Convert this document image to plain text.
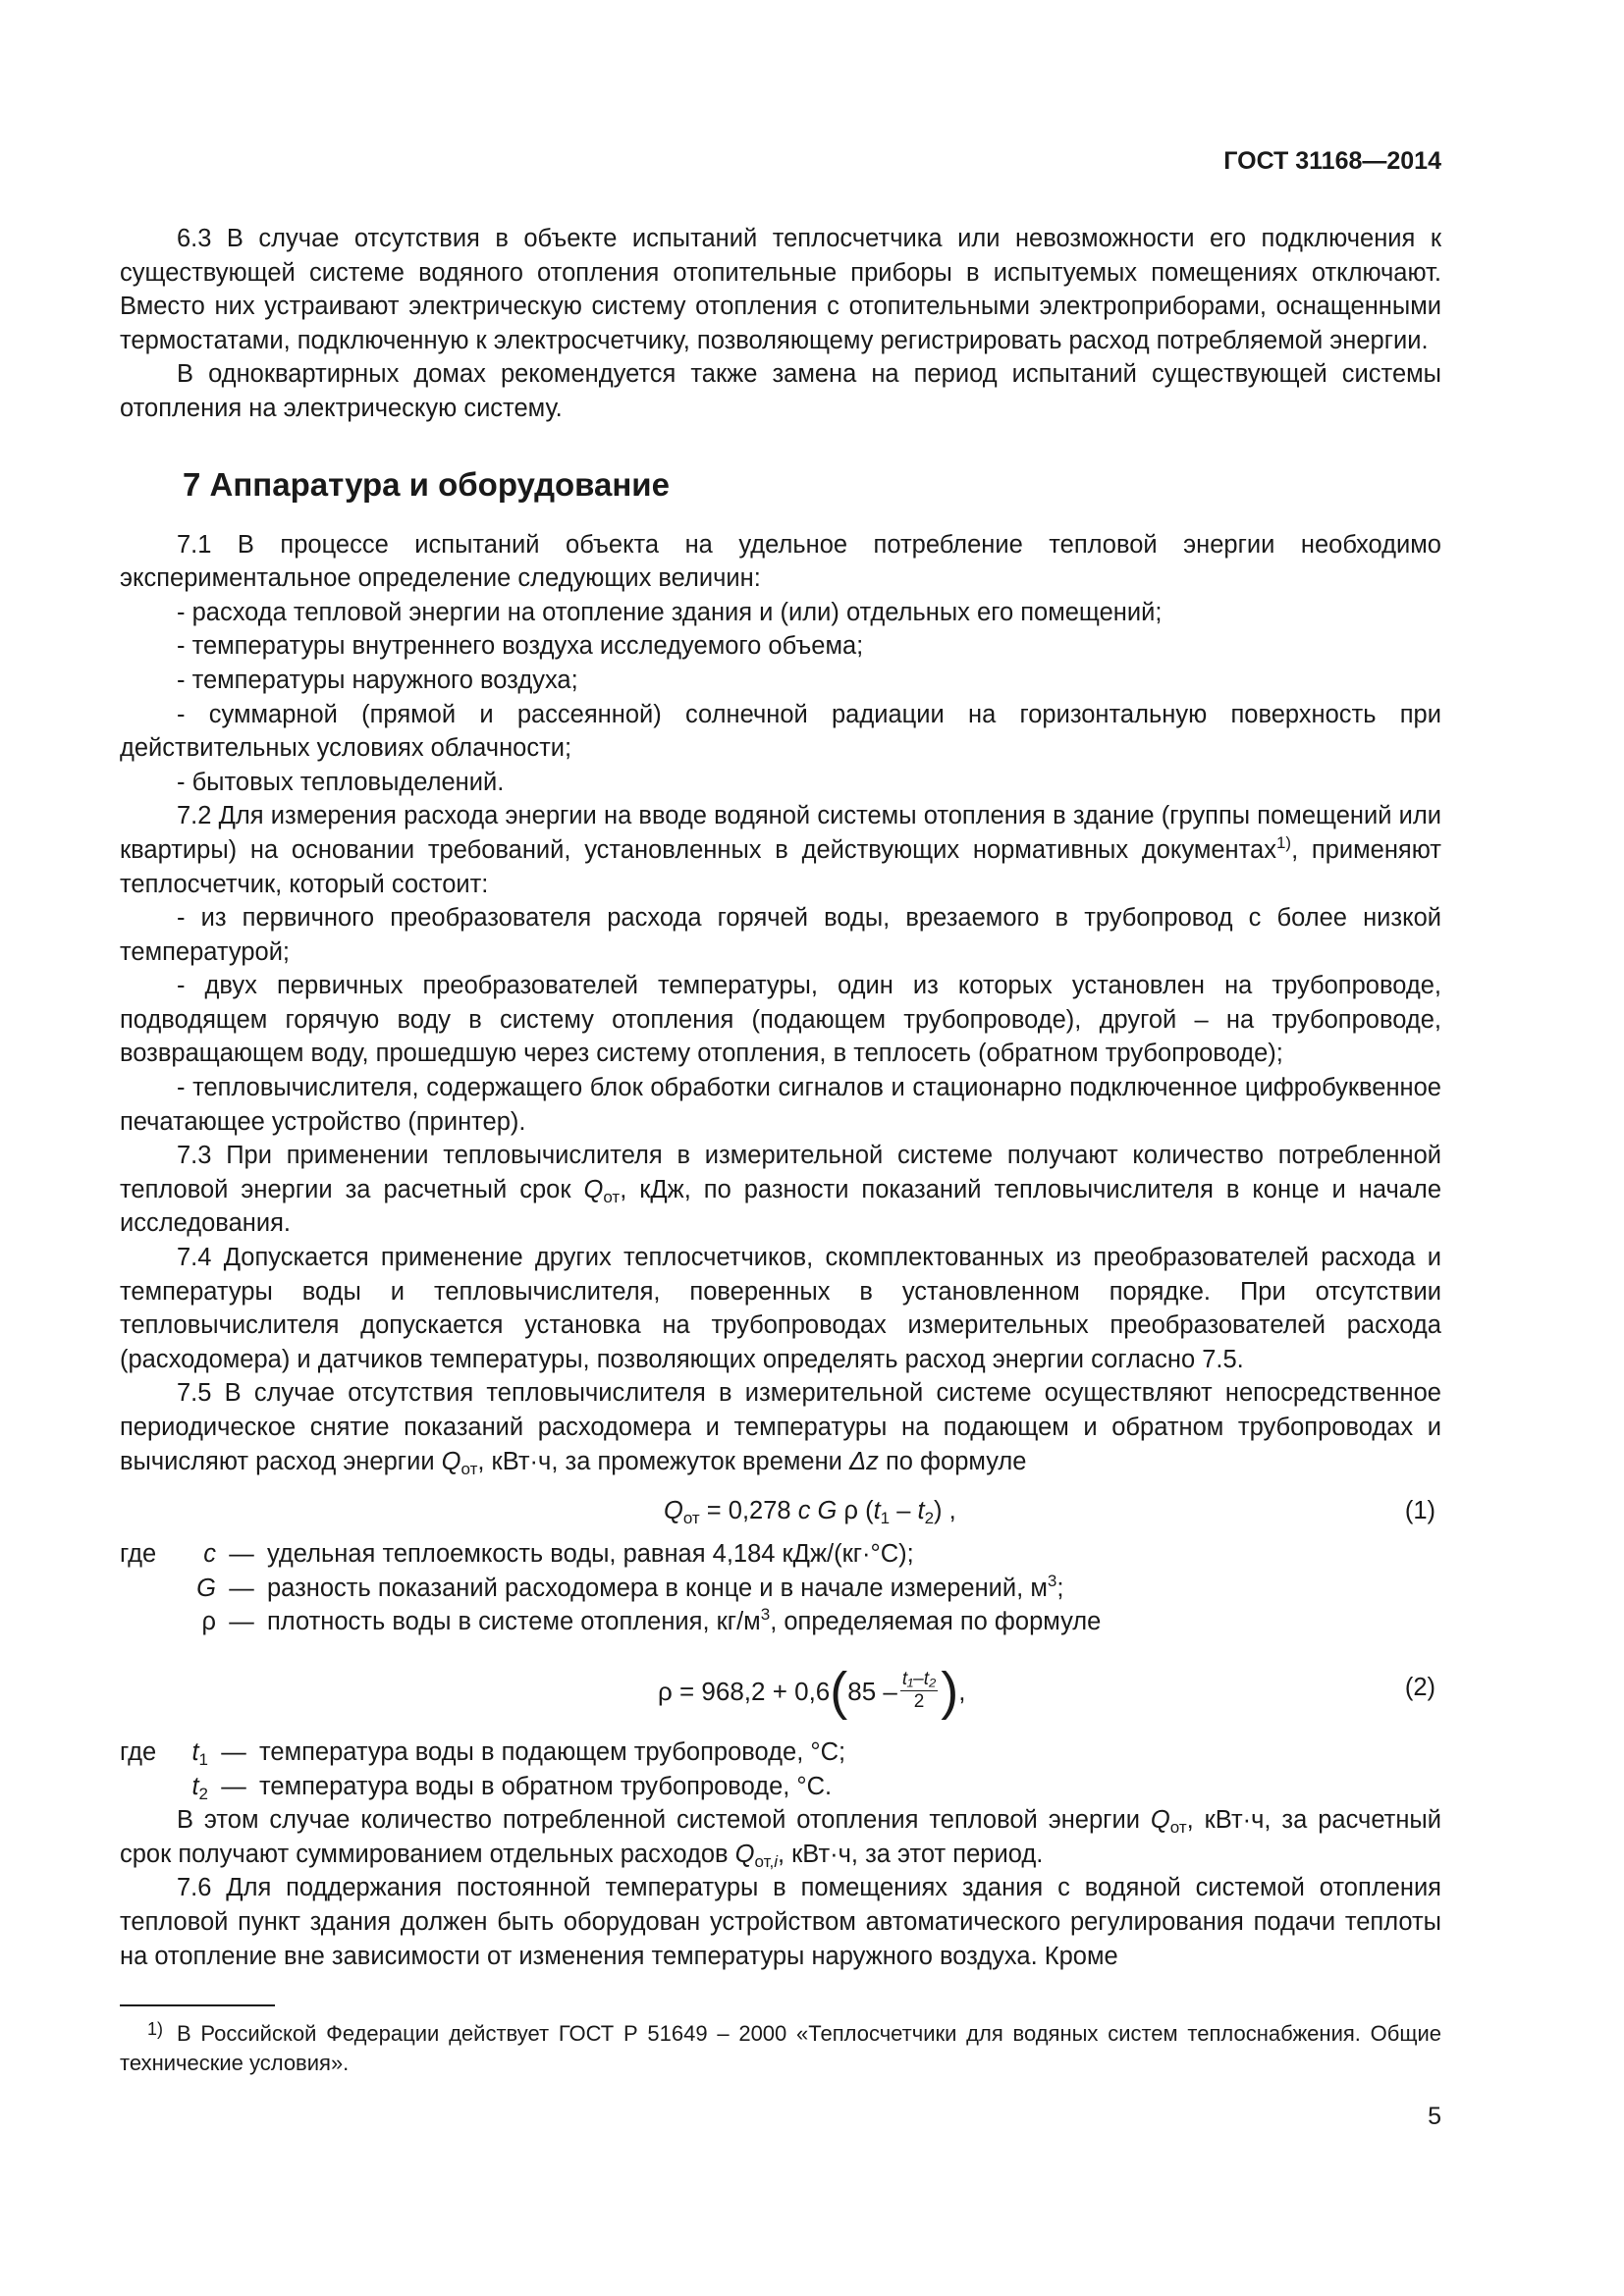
ГОСТ 31168—2014

6.3 В случае отсутствия в объекте испытаний теплосчетчика или невозможности его подключения к существующей системе водяного отопления отопительные приборы в испытуемых помещениях отключают. Вместо них устраивают электрическую систему отопления с отопительными электроприборами, оснащенными термостатами, подключенную к электросчетчику, позволяющему регистрировать расход потребляемой энергии.

В одноквартирных домах рекомендуется также замена на период испытаний существующей системы отопления на электрическую систему.

7 Аппаратура и оборудование

7.1 В процессе испытаний объекта на удельное потребление тепловой энергии необходимо экспериментальное определение следующих величин:

- расхода тепловой энергии на отопление здания и (или) отдельных его помещений;

- температуры внутреннего воздуха исследуемого объема;

- температуры наружного воздуха;

- суммарной (прямой и рассеянной) солнечной радиации на горизонтальную поверхность при действительных условиях облачности;

- бытовых тепловыделений.

7.2 Для измерения расхода энергии на вводе водяной системы отопления в здание (группы помещений или квартиры) на основании требований, установленных в действующих нормативных документах$^{1)}$, применяют теплосчетчик, который состоит:

- из первичного преобразователя расхода горячей воды, врезаемого в трубопровод с более низкой температурой;

- двух первичных преобразователей температуры, один из которых установлен на трубопроводе, подводящем горячую воду в систему отопления (подающем трубопроводе), другой – на трубопроводе, возвращающем воду, прошедшую через систему отопления, в теплосеть (обратном трубопроводе);

- тепловычислителя, содержащего блок обработки сигналов и стационарно подключенное цифробуквенное печатающее устройство (принтер).

7.3 При применении тепловычислителя в измерительной системе получают количество потребленной тепловой энергии за расчетный срок $Q_{от}$, кДж, по разности показаний тепловычислителя в конце и начале исследования.

7.4 Допускается применение других теплосчетчиков, скомплектованных из преобразователей расхода и температуры воды и тепловычислителя, поверенных в установленном порядке. При отсутствии тепловычислителя допускается установка на трубопроводах измерительных преобразователей расхода (расходомера) и датчиков температуры, позволяющих определять расход энергии согласно 7.5.

7.5 В случае отсутствия тепловычислителя в измерительной системе осуществляют непосредственное периодическое снятие показаний расходомера и температуры на подающем и обратном трубопроводах и вычисляют расход энергии $Q_{от}$, кВт·ч, за промежуток времени Δz по формуле

$Q_{от} = 0,278$ c G ρ $(t_1 - t_2)$ ,	(1)
где	c — удельная теплоемкость воды, равная 4,184 кДж/(кг·°С);
G — разность показаний расходомера в конце и в начале измерений, $м^3$;
ρ — плотность воды в системе отопления, $кг/м^3$, определяемая по формуле
ρ = 968,2 + 0,6 ( $85 - \frac{\text{t₁–t₂}}{2}$ ) ,	(2)
где	$t_1$ — температура воды в подающем трубопроводе, °С;
$t_2$ — температура воды в обратном трубопроводе, °С.

В этом случае количество потребленной системой отопления тепловой энергии $Q_{от}$, кВт·ч, за расчетный срок получают суммированием отдельных расходов $Q_{от,i}$, кВт·ч, за этот период.

7.6 Для поддержания постоянной температуры в помещениях здания с водяной системой отопления тепловой пункт здания должен быть оборудован устройством автоматического регулирования подачи теплоты на отопление вне зависимости от изменения температуры наружного воздуха. Кроме

1) В Российской Федерации действует ГОСТ Р 51649 – 2000 «Теплосчетчики для водяных систем теплоснабжения. Общие технические условия».
5
